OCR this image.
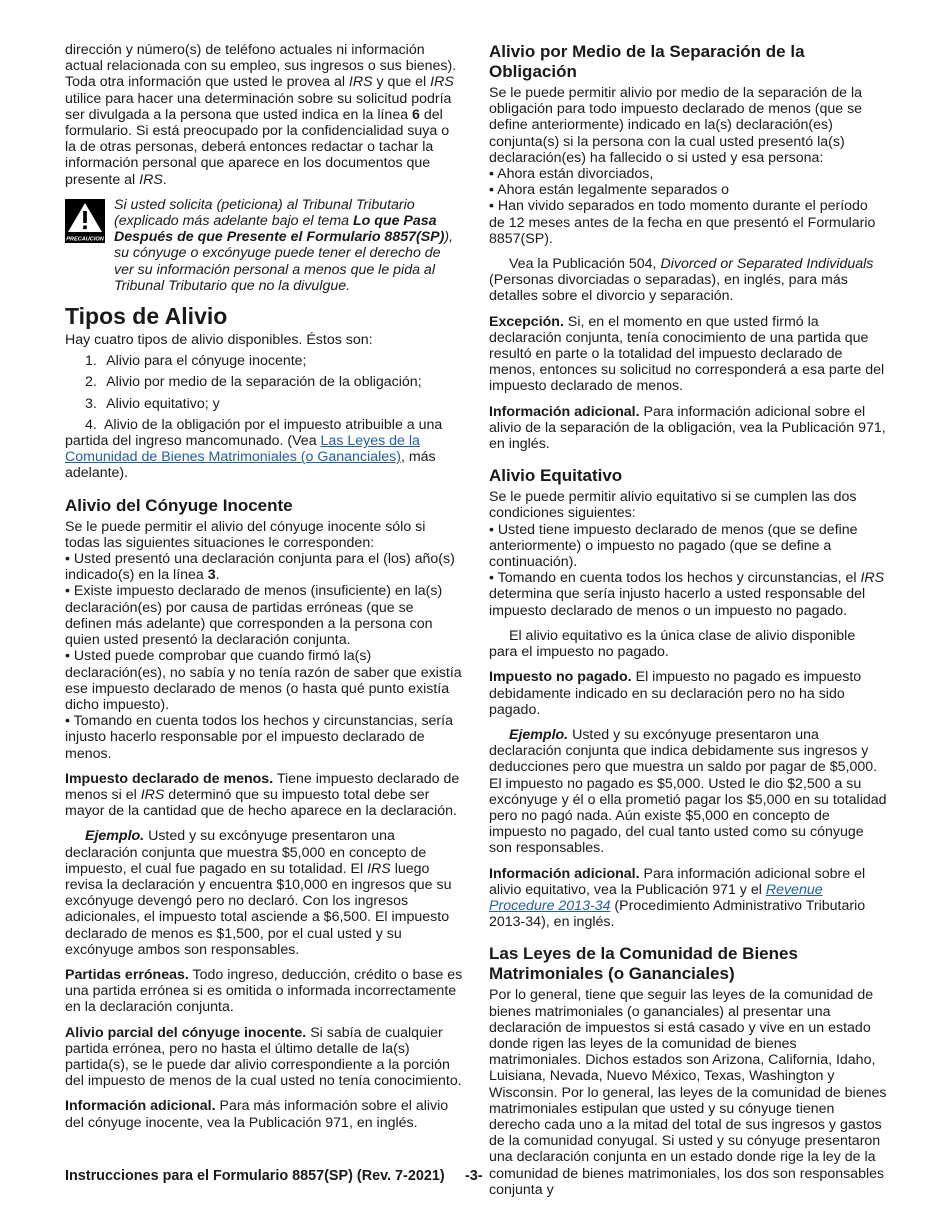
dirección y número(s) de teléfono actuales ni información actual relacionada con su empleo, sus ingresos o sus bienes). Toda otra información que usted le provea al IRS y que el IRS utilice para hacer una determinación sobre su solicitud podría ser divulgada a la persona que usted indica en la línea 6 del formulario. Si está preocupado por la confidencialidad suya o la de otras personas, deberá entonces redactar o tachar la información personal que aparece en los documentos que presente al IRS.

PRECAUCION
Si usted solicita (peticiona) al Tribunal Tributario (explicado más adelante bajo el tema Lo que Pasa Después de que Presente el Formulario 8857(SP)), su cónyuge o excónyuge puede tener el derecho de ver su información personal a menos que le pida al Tribunal Tributario que no la divulgue.
Tipos de Alivio

Hay cuatro tipos de alivio disponibles. Éstos son:

1. Alivio para el cónyuge inocente;
2. Alivio por medio de la separación de la obligación;
3. Alivio equitativo; y
4. Alivio de la obligación por el impuesto atribuible a una partida del ingreso mancomunado. (Vea Las Leyes de la Comunidad de Bienes Matrimoniales (o Gananciales), más adelante).
Alivio del Cónyuge Inocente

Se le puede permitir el alivio del cónyuge inocente sólo si todas las siguientes situaciones le corresponden:

• Usted presentó una declaración conjunta para el (los) año(s) indicado(s) en la línea 3.
• Existe impuesto declarado de menos (insuficiente) en la(s) declaración(es) por causa de partidas erróneas (que se definen más adelante) que corresponden a la persona con quien usted presentó la declaración conjunta.
• Usted puede comprobar que cuando firmó la(s) declaración(es), no sabía y no tenía razón de saber que existía ese impuesto declarado de menos (o hasta qué punto existía dicho impuesto).
• Tomando en cuenta todos los hechos y circunstancias, sería injusto hacerlo responsable por el impuesto declarado de menos.

Impuesto declarado de menos. Tiene impuesto declarado de menos si el IRS determinó que su impuesto total debe ser mayor de la cantidad que de hecho aparece en la declaración.

Ejemplo. Usted y su excónyuge presentaron una declaración conjunta que muestra $5,000 en concepto de impuesto, el cual fue pagado en su totalidad. El IRS luego revisa la declaración y encuentra $10,000 en ingresos que su excónyuge devengó pero no declaró. Con los ingresos adicionales, el impuesto total asciende a $6,500. El impuesto declarado de menos es $1,500, por el cual usted y su excónyuge ambos son responsables.

Partidas erróneas. Todo ingreso, deducción, crédito o base es una partida errónea si es omitida o informada incorrectamente en la declaración conjunta.

Alivio parcial del cónyuge inocente. Si sabía de cualquier partida errónea, pero no hasta el último detalle de la(s) partida(s), se le puede dar alivio correspondiente a la porción del impuesto de menos de la cual usted no tenía conocimiento.

Información adicional. Para más información sobre el alivio del cónyuge inocente, vea la Publicación 971, en inglés.

Alivio por Medio de la Separación de la Obligación

Se le puede permitir alivio por medio de la separación de la obligación para todo impuesto declarado de menos (que se define anteriormente) indicado en la(s) declaración(es) conjunta(s) si la persona con la cual usted presentó la(s) declaración(es) ha fallecido o si usted y esa persona:

• Ahora están divorciados,
• Ahora están legalmente separados o
• Han vivido separados en todo momento durante el período de 12 meses antes de la fecha en que presentó el Formulario 8857(SP).

Vea la Publicación 504, Divorced or Separated Individuals (Personas divorciadas o separadas), en inglés, para más detalles sobre el divorcio y separación.

Excepción. Si, en el momento en que usted firmó la declaración conjunta, tenía conocimiento de una partida que resultó en parte o la totalidad del impuesto declarado de menos, entonces su solicitud no corresponderá a esa parte del impuesto declarado de menos.

Información adicional. Para información adicional sobre el alivio de la separación de la obligación, vea la Publicación 971, en inglés.

Alivio Equitativo

Se le puede permitir alivio equitativo si se cumplen las dos condiciones siguientes:

• Usted tiene impuesto declarado de menos (que se define anteriormente) o impuesto no pagado (que se define a continuación).
• Tomando en cuenta todos los hechos y circunstancias, el IRS determina que sería injusto hacerlo a usted responsable del impuesto declarado de menos o un impuesto no pagado.

El alivio equitativo es la única clase de alivio disponible para el impuesto no pagado.

Impuesto no pagado. El impuesto no pagado es impuesto debidamente indicado en su declaración pero no ha sido pagado.

Ejemplo. Usted y su excónyuge presentaron una declaración conjunta que indica debidamente sus ingresos y deducciones pero que muestra un saldo por pagar de $5,000. El impuesto no pagado es $5,000. Usted le dio $2,500 a su excónyuge y él o ella prometió pagar los $5,000 en su totalidad pero no pagó nada. Aún existe $5,000 en concepto de impuesto no pagado, del cual tanto usted como su cónyuge son responsables.

Información adicional. Para información adicional sobre el alivio equitativo, vea la Publicación 971 y el Revenue Procedure 2013-34 (Procedimiento Administrativo Tributario 2013-34), en inglés.

Las Leyes de la Comunidad de Bienes Matrimoniales (o Gananciales)

Por lo general, tiene que seguir las leyes de la comunidad de bienes matrimoniales (o gananciales) al presentar una declaración de impuestos si está casado y vive en un estado donde rigen las leyes de la comunidad de bienes matrimoniales. Dichos estados son Arizona, California, Idaho, Luisiana, Nevada, Nuevo México, Texas, Washington y Wisconsin. Por lo general, las leyes de la comunidad de bienes matrimoniales estipulan que usted y su cónyuge tienen derecho cada uno a la mitad del total de sus ingresos y gastos de la comunidad conyugal. Si usted y su cónyuge presentaron una declaración conjunta en un estado donde rige la ley de la comunidad de bienes matrimoniales, los dos son responsables conjunta y

Instrucciones para el Formulario 8857(SP) (Rev. 7-2021) -3-
